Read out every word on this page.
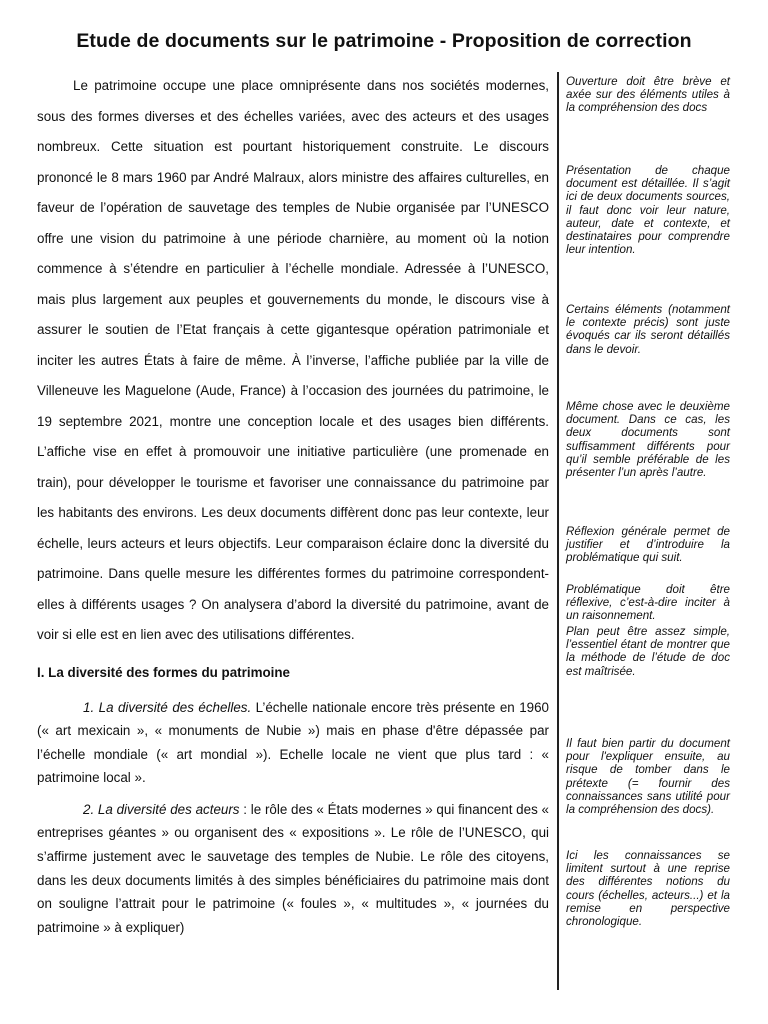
Etude de documents sur le patrimoine - Proposition de correction

Le patrimoine occupe une place omniprésente dans nos sociétés modernes, sous des formes diverses et des échelles variées, avec des acteurs et des usages nombreux. Cette situation est pourtant historiquement construite. Le discours prononcé le 8 mars 1960 par André Malraux, alors ministre des affaires culturelles, en faveur de l’opération de sauvetage des temples de Nubie organisée par l’UNESCO offre une vision du patrimoine à une période charnière, au moment où la notion commence à s’étendre en particulier à l’échelle mondiale. Adressée à l’UNESCO, mais plus largement aux peuples et gouvernements du monde, le discours vise à assurer le soutien de l’Etat français à cette gigantesque opération patrimoniale et inciter les autres États à faire de même. À l’inverse, l’affiche publiée par la ville de Villeneuve les Maguelone (Aude, France) à l’occasion des journées du patrimoine, le 19 septembre 2021, montre une conception locale et des usages bien différents. L’affiche vise en effet à promouvoir une initiative particulière (une promenade en train), pour développer le tourisme et favoriser une connaissance du patrimoine par les habitants des environs. Les deux documents diffèrent donc pas leur contexte, leur échelle, leurs acteurs et leurs objectifs. Leur comparaison éclaire donc la diversité du patrimoine. Dans quelle mesure les différentes formes du patrimoine correspondent-elles à différents usages ? On analysera d’abord la diversité du patrimoine, avant de voir si elle est en lien avec des utilisations différentes.

I. La diversité des formes du patrimoine

1. La diversité des échelles. L’échelle nationale encore très présente en 1960 (« art mexicain », « monuments de Nubie ») mais en phase d'être dépassée par l’échelle mondiale (« art mondial »). Echelle locale ne vient que plus tard : « patrimoine local ».

2. La diversité des acteurs : le rôle des « États modernes » qui financent des « entreprises géantes » ou organisent des « expositions ». Le rôle de l’UNESCO, qui s’affirme justement avec le sauvetage des temples de Nubie. Le rôle des citoyens, dans les deux documents limités à des simples bénéficiaires du patrimoine mais dont on souligne l’attrait pour le patrimoine (« foules », « multitudes », « journées du patrimoine » à expliquer)

Ouverture doit être brève et axée sur des éléments utiles à la compréhension des docs

Présentation de chaque document est détaillée. Il s’agit ici de deux documents sources, il faut donc voir leur nature, auteur, date et contexte, et destinataires pour comprendre leur intention.

Certains éléments (notamment le contexte précis) sont juste évoqués car ils seront détaillés dans le devoir.

Même chose avec le deuxième document. Dans ce cas, les deux documents sont suffisamment différents pour qu’il semble préférable de les présenter l’un après l’autre.

Réflexion générale permet de justifier et d’introduire la problématique qui suit.

Problématique doit être réflexive, c’est-à-dire inciter à un raisonnement.

Plan peut être assez simple, l’essentiel étant de montrer que la méthode de l’étude de doc est maîtrisée.

Il faut bien partir du document pour l'expliquer ensuite, au risque de tomber dans le prétexte (= fournir des connaissances sans utilité pour la compréhension des docs).

Ici les connaissances se limitent surtout à une reprise des différentes notions du cours (échelles, acteurs...) et la remise en perspective chronologique.
